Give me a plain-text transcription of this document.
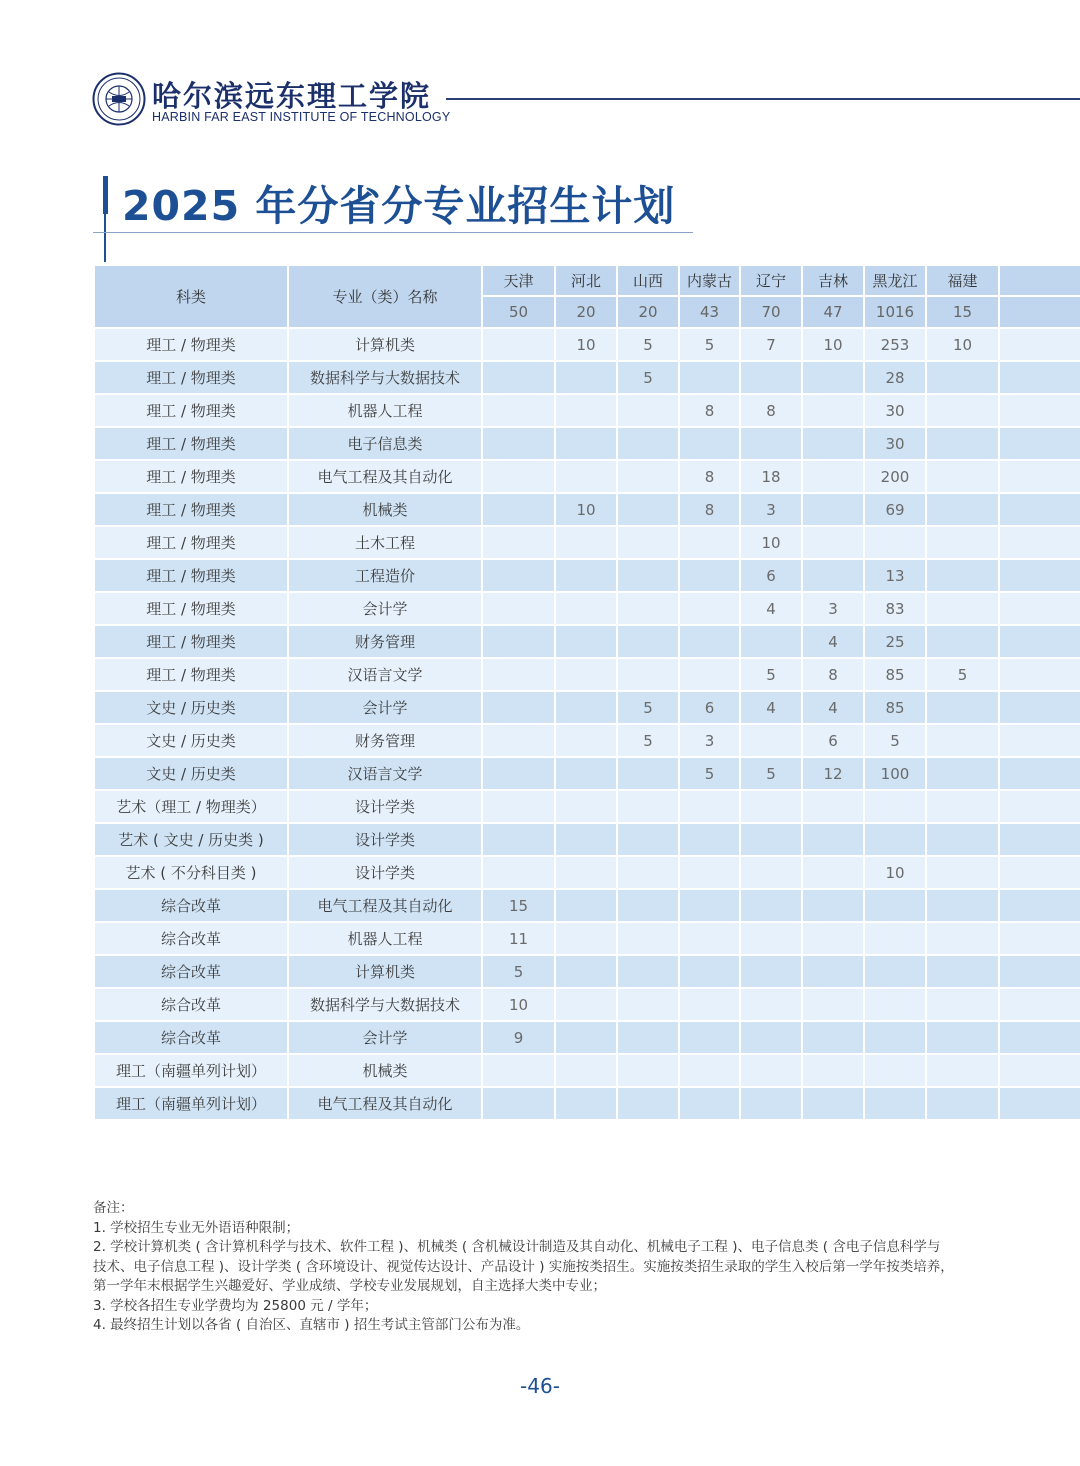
哈尔滨远东理工学院
HARBIN FAR EAST INSTITUTE OF TECHNOLOGY
2025 年分省分专业招生计划
科类	专业（类）名称	天津	河北	山西	内蒙古	辽宁	吉林	黑龙江	福建	
		50	20	20	43	70	47	1016	15	
理工 / 物理类	计算机类		10	5	5	7	10	253	10	
理工 / 物理类	数据科学与大数据技术			5				28		
理工 / 物理类	机器人工程				8	8		30		
理工 / 物理类	电子信息类							30		
理工 / 物理类	电气工程及其自动化				8	18		200		
理工 / 物理类	机械类		10		8	3		69		
理工 / 物理类	土木工程					10				
理工 / 物理类	工程造价					6		13		
理工 / 物理类	会计学					4	3	83		
理工 / 物理类	财务管理						4	25		
理工 / 物理类	汉语言文学					5	8	85	5	
文史 / 历史类	会计学			5	6	4	4	85		
文史 / 历史类	财务管理			5	3		6	5		
文史 / 历史类	汉语言文学				5	5	12	100		
艺术（理工 / 物理类）	设计学类									
艺术 ( 文史 / 历史类 )	设计学类									
艺术 ( 不分科目类 )	设计学类							10		
综合改革	电气工程及其自动化	15								
综合改革	机器人工程	11								
综合改革	计算机类	5								
综合改革	数据科学与大数据技术	10								
综合改革	会计学	9								
理工（南疆单列计划）	机械类									
理工（南疆单列计划）	电气工程及其自动化									
备注：
1. 学校招生专业无外语语种限制；
2. 学校计算机类 ( 含计算机科学与技术、软件工程 )、机械类 ( 含机械设计制造及其自动化、机械电子工程 )、电子信息类 ( 含电子信息科学与
技术、电子信息工程 )、设计学类 ( 含环境设计、视觉传达设计、产品设计 ) 实施按类招生。实施按类招生录取的学生入校后第一学年按类培养，
第一学年末根据学生兴趣爱好、学业成绩、学校专业发展规划，自主选择大类中专业；
3. 学校各招生专业学费均为 25800 元 / 学年；
4. 最终招生计划以各省 ( 自治区、直辖市 ) 招生考试主管部门公布为准。
-46-
